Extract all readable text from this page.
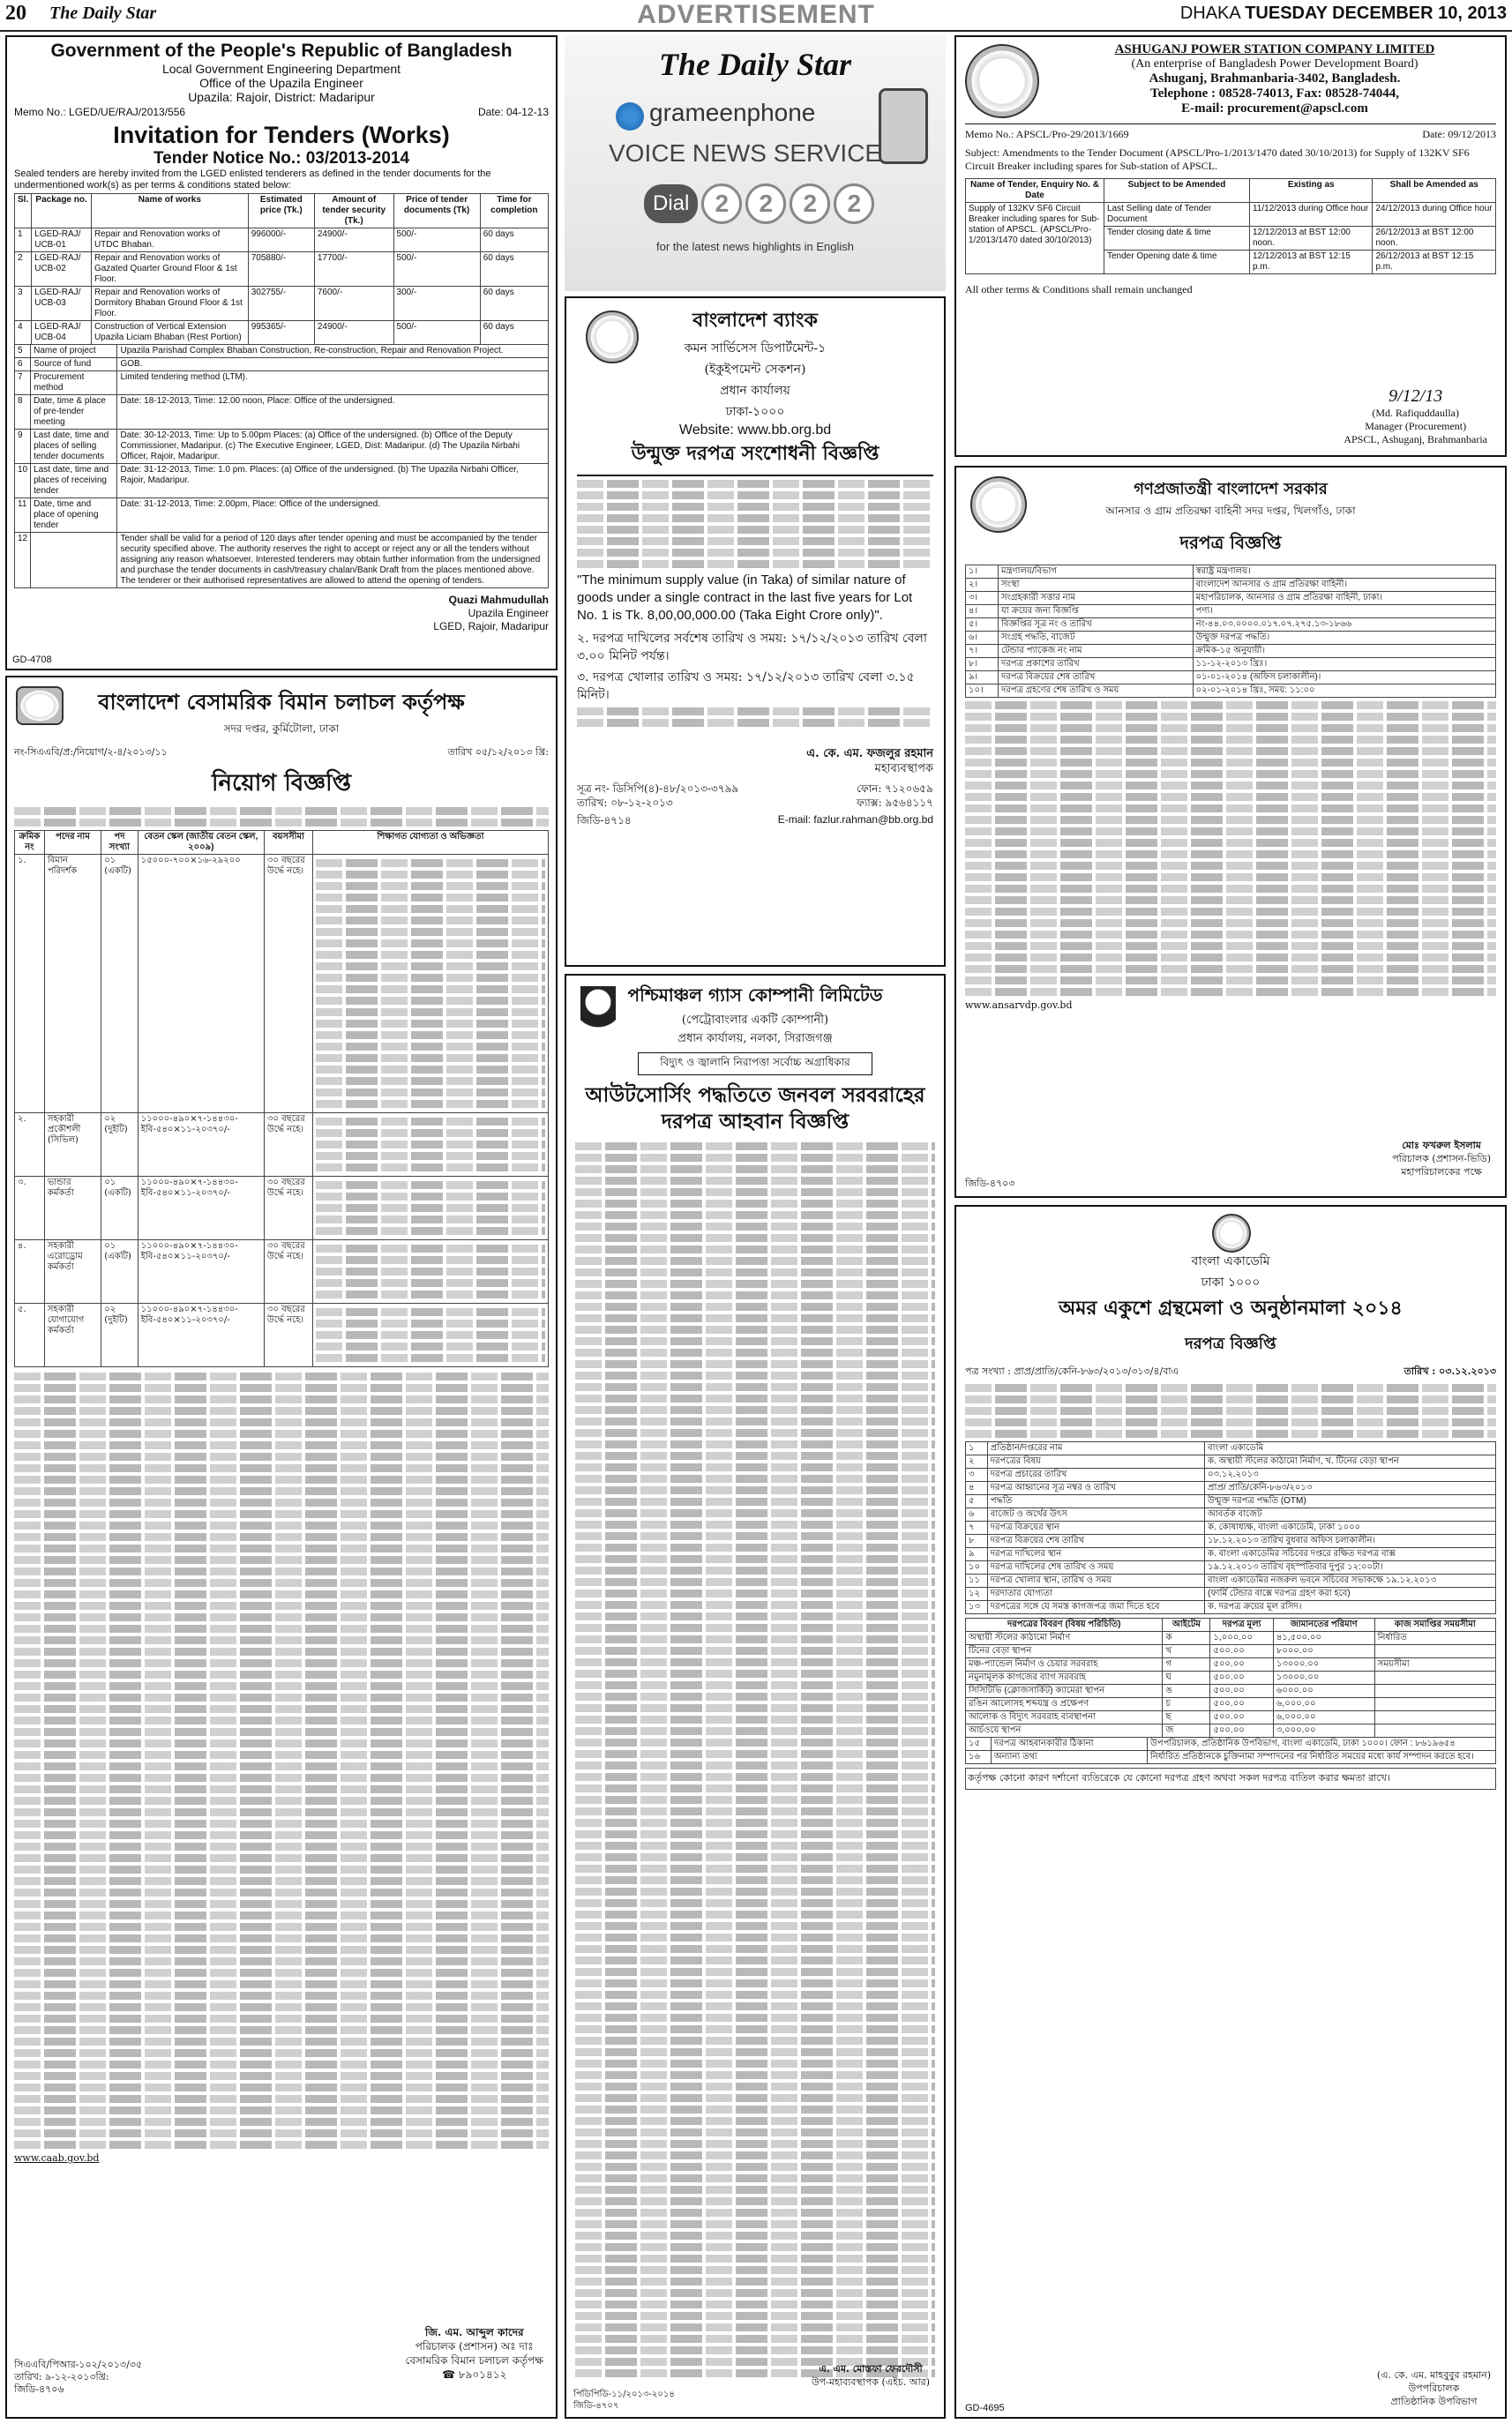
20 The Daily Star	ADVERTISEMENT	DHAKA TUESDAY DECEMBER 10, 2013
Government of the People's Republic of Bangladesh
Local Government Engineering Department
Office of the Upazila Engineer
Upazila: Rajoir, District: Madaripur
Memo No.: LGED/UE/RAJ/2013/556	Date: 04-12-13
Invitation for Tenders (Works)
Tender Notice No.: 03/2013-2014
Sealed tenders are hereby invited from the LGED enlisted tenderers as defined in the tender documents for the undermentioned work(s) as per terms & conditions stated below:
Sl.	Package no.	Name of works	Estimated price (Tk.)	Amount of tender security (Tk.)	Price of tender documents (Tk)	Time for completion
1	LGED-RAJ/ UCB-01	Repair and Renovation works of UTDC Bhaban.	996000/-	24900/-	500/-	60 days
2	LGED-RAJ/ UCB-02	Repair and Renovation works of Gazated Quarter Ground Floor & 1st Floor.	705880/-	17700/-	500/-	60 days
3	LGED-RAJ/ UCB-03	Repair and Renovation works of Dormitory Bhaban Ground Floor & 1st Floor.	302755/-	7600/-	300/-	60 days
4	LGED-RAJ/ UCB-04	Construction of Vertical Extension Upazila Liciam Bhaban (Rest Portion)	995365/-	24900/-	500/-	60 days
5	Name of project	Upazila Parishad Complex Bhaban Construction, Re-construction, Repair and Renovation Project.
6	Source of fund	GOB.
7	Procurement method	Limited tendering method (LTM).
8	Date, time & place of pre-tender meeting	Date: 18-12-2013, Time: 12.00 noon, Place: Office of the undersigned.
9	Last date, time and places of selling tender documents	Date: 30-12-2013, Time: Up to 5.00pm Places: (a) Office of the undersigned. (b) Office of the Deputy Commissioner, Madaripur. (c) The Executive Engineer, LGED, Dist: Madaripur. (d) The Upazila Nirbahi Officer, Rajoir, Madaripur.
10	Last date, time and places of receiving tender	Date: 31-12-2013, Time: 1.0 pm. Places: (a) Office of the undersigned. (b) The Upazila Nirbahi Officer, Rajoir, Madaripur.
11	Date, time and place of opening tender	Date: 31-12-2013, Time: 2.00pm, Place: Office of the undersigned.
12		Tender shall be valid for a period of 120 days after tender opening and must be accompanied by the tender security specified above. The authority reserves the right to accept or reject any or all the tenders without assigning any reason whatsoever. Interested tenderers may obtain further information from the undersigned and purchase the tender documents in cash/treasury chalan/Bank Draft from the places mentioned above. The tenderer or their authorised representatives are allowed to attend the opening of tenders.
Quazi Mahmudullah
Upazila Engineer
LGED, Rajoir, Madaripur
GD-4708
বাংলাদেশ বেসামরিক বিমান চলাচল কর্তৃপক্ষ
সদর দপ্তর, কুর্মিটোলা, ঢাকা
নং-সিএএবি/প্র:/নিয়োগ/২-৪/২০১৩/১১	তারিখ ০৫/১২/২০১৩ খ্রি:
নিয়োগ বিজ্ঞপ্তি
ক্রমিক নং	পদের নাম	পদ সংখ্যা	বেতন স্কেল (জাতীয় বেতন স্কেল, ২০০৯)	বয়সসীমা	শিক্ষাগত যোগ্যতা ও অভিজ্ঞতা
১.	বিমান পরিদর্শক	০১ (একটি)	১৫০০০-৭০০×১৬-২৯২০০	৩০ বছরের উর্দ্ধে নহে।	

২.	সহকারী প্রকৌশলী (সিভিল)	০২ (দুইটি)	১১০০০-৪৯০×৭-১৪৪৩০-ইবি-৫৪০×১১-২০৩৭০/-	৩০ বছরের উর্দ্ধে নহে।	

৩.	ভান্ডার কর্মকর্তা	০১ (একটি)	১১০০০-৪৯০×৭-১৪৪৩০-ইবি-৫৪০×১১-২০৩৭০/-	৩০ বছরের উর্দ্ধে নহে।	

৪.	সহকারী এরোড্রোম কর্মকর্তা	০১ (একটি)	১১০০০-৪৯০×৭-১৪৪৩০-ইবি-৫৪০×১১-২০৩৭০/-	৩০ বছরের উর্দ্ধে নহে।	

৫.	সহকারী যোগাযোগ কর্মকর্তা	০২ (দুইটি)	১১০০০-৪৯০×৭-১৪৪৩০-ইবি-৫৪০×১১-২০৩৭০/-	৩০ বছরের উর্দ্ধে নহে।	
www.caab.gov.bd
জি. এম. আব্দুল কাদের
পরিচালক (প্রশাসন) অঃ দাঃ
বেসামরিক বিমান চলাচল কর্তৃপক্ষ
☎ ৮৯০১৪১২
সিএএবি/পিআর-১০২/২০১৩/৩৫
তারিখ: ৯-১২-২০১৩খ্রি:
জিডি-৪৭০৬
The Daily Star
grameenphone
VOICE NEWS SERVICE
Dial	2	2	2	2
for the latest news highlights in English
বাংলাদেশ ব্যাংক
কমন সার্ভিসেস ডিপার্টমেন্ট-১
(ইকুইপমেন্ট সেকশন)
প্রধান কার্যালয়
ঢাকা-১০০০
Website: www.bb.org.bd
উন্মুক্ত দরপত্র সংশোধনী বিজ্ঞপ্তি
"The minimum supply value (in Taka) of similar nature of goods under a single contract in the last five years for Lot No. 1 is Tk. 8,00,00,000.00 (Taka Eight Crore only)".
২. দরপত্র দাখিলের সর্বশেষ তারিখ ও সময়: ১৭/১২/২০১৩ তারিখ বেলা ৩.০০ মিনিট পর্যন্ত।
৩. দরপত্র খোলার তারিখ ও সময়: ১৭/১২/২০১৩ তারিখ বেলা ৩.১৫ মিনিট।
এ. কে. এম. ফজলুর রহমান
মহাব্যবস্থাপক
সূত্র নং- ডিসিপি(৪)-৪৮/২০১৩-৩৭৯৯
তারিখ: ০৮-১২-২০১৩
ফোন: ৭১২০৬৫৯
ফ্যাক্স: ৯৫৬৪১১৭
জিডি-৪৭১৪	E-mail: fazlur.rahman@bb.org.bd
পশ্চিমাঞ্চল গ্যাস কোম্পানী লিমিটেড
(পেট্রোবাংলার একটি কোম্পানী)
প্রধান কার্যালয়, নলকা, সিরাজগঞ্জ
বিদ্যুৎ ও জ্বালানি নিরাপত্তা সর্বোচ্চ অগ্রাধিকার
আউটসোর্সিং পদ্ধতিতে জনবল সরবরাহের দরপত্র আহবান বিজ্ঞপ্তি
এ. এম. মোস্তফা ফেরদৌসী
উপ-মহাব্যবস্থাপক (এইচ. আর)
পিডিপিডি-১১/২০১৩-২০১৪
জিডি-৪৭০৭
ASHUGANJ POWER STATION COMPANY LIMITED
(An enterprise of Bangladesh Power Development Board)
Ashuganj, Brahmanbaria-3402, Bangladesh.
Telephone : 08528-74013, Fax: 08528-74044,
E-mail: procurement@apscl.com
Memo No.: APSCL/Pro-29/2013/1669	Date: 09/12/2013
Subject: Amendments to the Tender Document (APSCL/Pro-1/2013/1470 dated 30/10/2013) for Supply of 132KV SF6 Circuit Breaker including spares for Sub-station of APSCL.
Name of Tender, Enquiry No. & Date	Subject to be Amended	Existing as	Shall be Amended as
Supply of 132KV SF6 Circuit Breaker including spares for Sub-station of APSCL. (APSCL/Pro-1/2013/1470 dated 30/10/2013)	Last Selling date of Tender Document	11/12/2013 during Office hour	24/12/2013 during Office hour
	Tender closing date & time	12/12/2013 at BST 12:00 noon.	26/12/2013 at BST 12:00 noon.
	Tender Opening date & time	12/12/2013 at BST 12:15 p.m.	26/12/2013 at BST 12:15 p.m.
All other terms & Conditions shall remain unchanged
9/12/13
(Md. Rafiquddaulla)
Manager (Procurement)
APSCL, Ashuganj, Brahmanbaria
গণপ্রজাতন্ত্রী বাংলাদেশ সরকার
আনসার ও গ্রাম প্রতিরক্ষা বাহিনী সদর দপ্তর, খিলগাঁও, ঢাকা
দরপত্র বিজ্ঞপ্তি
১।	মন্ত্রণালয়/বিভাগ	স্বরাষ্ট্র মন্ত্রণালয়।
২।	সংস্থা	বাংলাদেশ আনসার ও গ্রাম প্রতিরক্ষা বাহিনী।
৩।	সংগ্রহকারী সত্তার নাম	মহাপরিচালক, আনসার ও গ্রাম প্রতিরক্ষা বাহিনী, ঢাকা।
৪।	যা ক্রয়ের জন্য বিজ্ঞপ্তি	পণ্য।
৫।	বিজ্ঞপ্তির সূত্র নং ও তারিখ	নং-৪৪.০৩.০০০০.০১৭.০৭.২৭৫.১৩-১৮৬৬
৬।	সংগ্রহ পদ্ধতি, বাজেট	উন্মুক্ত দরপত্র পদ্ধতি।
৭।	টেন্ডার প্যাকেজ নং নাম	ক্রমিক-১৫ অনুযায়ী।
৮।	দরপত্র প্রকাশের তারিখ	১১-১২-২০১৩ খ্রিঃ।
৯।	দরপত্র বিক্রয়ের শেষ তারিখ	০১-০১-২০১৪ (অফিস চলাকালীন)।
১০।	দরপত্র গ্রহণের শেষ তারিখ ও সময়	০২-০১-২০১৪ খ্রিঃ, সময়: ১১:০০
www.ansarvdp.gov.bd
মোঃ ফখরুল ইসলাম
পরিচালক (প্রশাসন-ভিডি)
মহাপরিচালকের পক্ষে
জিডি-৪৭০৩
বাংলা একাডেমি
ঢাকা ১০০০
অমর একুশে গ্রন্থমেলা ও অনুষ্ঠানমালা ২০১৪
দরপত্র বিজ্ঞপ্তি
পত্র সংখ্যা : প্রাপ্র/প্রাতি/কেনি-৮৬৩/২০১৩/৩১৩/৪/বাএ	তারিখ : ০৩.১২.২০১৩
১	প্রতিষ্ঠান/দপ্তরের নাম	বাংলা একাডেমি
২	দরপত্রের বিষয়	ক. অস্থায়ী স্টলের কাঠামো নির্মাণ, খ. টিনের বেড়া স্থাপন
৩	দরপত্র প্রচারের তারিখ	০৩.১২.২০১৩
৪	দরপত্র আহ্বানের সূত্র নম্বর ও তারিখ	প্রাপ্র/ প্রাতি/কেনি-৮৬৩/২০১৩
৫	পদ্ধতি	উন্মুক্ত দরপত্র পদ্ধতি (OTM)
৬	বাজেট ও অর্থের উৎস	আবর্তক বাজেট
৭	দরপত্র বিক্রয়ের স্থান	ক. কোষাধ্যক্ষ, বাংলা একাডেমি, ঢাকা ১০০০
৮	দরপত্র বিক্রয়ের শেষ তারিখ	১৮.১২.২০১৩ তারিখ বুধবার অফিস চলাকালীন।
৯	দরপত্র দাখিলের স্থান	ক. বাংলা একাডেমির সচিবের দপ্তরে রক্ষিত দরপত্র বাক্স
১০	দরপত্র দাখিলের শেষ তারিখ ও সময়	১৯.১২.২০১৩ তারিখ বৃহস্পতিবার দুপুর ১২:০০টা।
১১	দরপত্র খোলার স্থান, তারিখ ও সময়	বাংলা একাডেমির নজরুল ভবনে সচিবের সভাকক্ষে ১৯.১২.২০১৩
১২	দরদাতার যোগ্যতা	(ফার্মি টেন্ডার বাক্সে দরপত্র গ্রহণ করা হবে)
১৩	দরপত্রের সঙ্গে যে সমস্ত কাগজপত্র জমা দিতে হবে	ক. দরপত্র ক্রয়ের মূল রসিদ।
দরপত্রের বিবরণ (বিষয় পরিচিতি)	আইটেম	দরপত্র মূল্য	জামানতের পরিমাণ	কাজ সমাপ্তির সময়সীমা
অস্থায়ী স্টলের কাঠামো নির্মাণ	ক	১,০০০.০০	৪১,৫০০.০০	নির্ধারিত
টিনের বেড়া স্থাপন	খ	৫০০.০০	৮০০০.০০	
মঞ্চ-প্যান্ডেল নির্মাণ ও চেয়ার সরবরাহ	গ	৫০০.০০	১৩০০০.০০	সময়সীমা
নমুনামূলক কাগজের ব্যাগ সরবরাহ	ঘ	৫০০.০০	১৩০০০.০০	
সিসিটিভি (ক্লোজসার্কিট) ক্যামেরা স্থাপন	ঙ	৫০০.০০	৬০০০.০০	
রঙিন আলোসহ শব্দযন্ত্র ও প্রক্ষেপণ	চ	৫০০.০০	৬,০০০.০০	
আলোক ও বিদ্যুৎ সরবরাহ ব্যবস্থাপনা	ছ	৫০০.০০	৬,০০০.০০	
আর্চওয়ে স্থাপন	জ	৫০০.০০	৩,০০০.০০	
১৫	দরপত্র আহবানকারীর ঠিকানা	উপপরিচালক, প্রতিষ্ঠানিক উপবিভাগ, বাংলা একাডেমি, ঢাকা ১০০০। ফোন : ৮৬১৯৬৫৪
১৬	অন্যান্য তথ্য	নির্ধারিত প্রতিষ্ঠানকে চুক্তিনামা সম্পাদনের পর নির্ধারিত সময়ের মধ্যে কার্য সম্পাদন করতে হবে।
কর্তৃপক্ষ কোনো কারণ দর্শানো ব্যতিরেকে যে কোনো দরপত্র গ্রহণ অথবা সকল দরপত্র বাতিল করার ক্ষমতা রাখে।
(এ. কে. এম. মাহবুবুর রহমান)
উপপরিচালক
প্রাতিষ্ঠানিক উপবিভাগ
GD-4695
